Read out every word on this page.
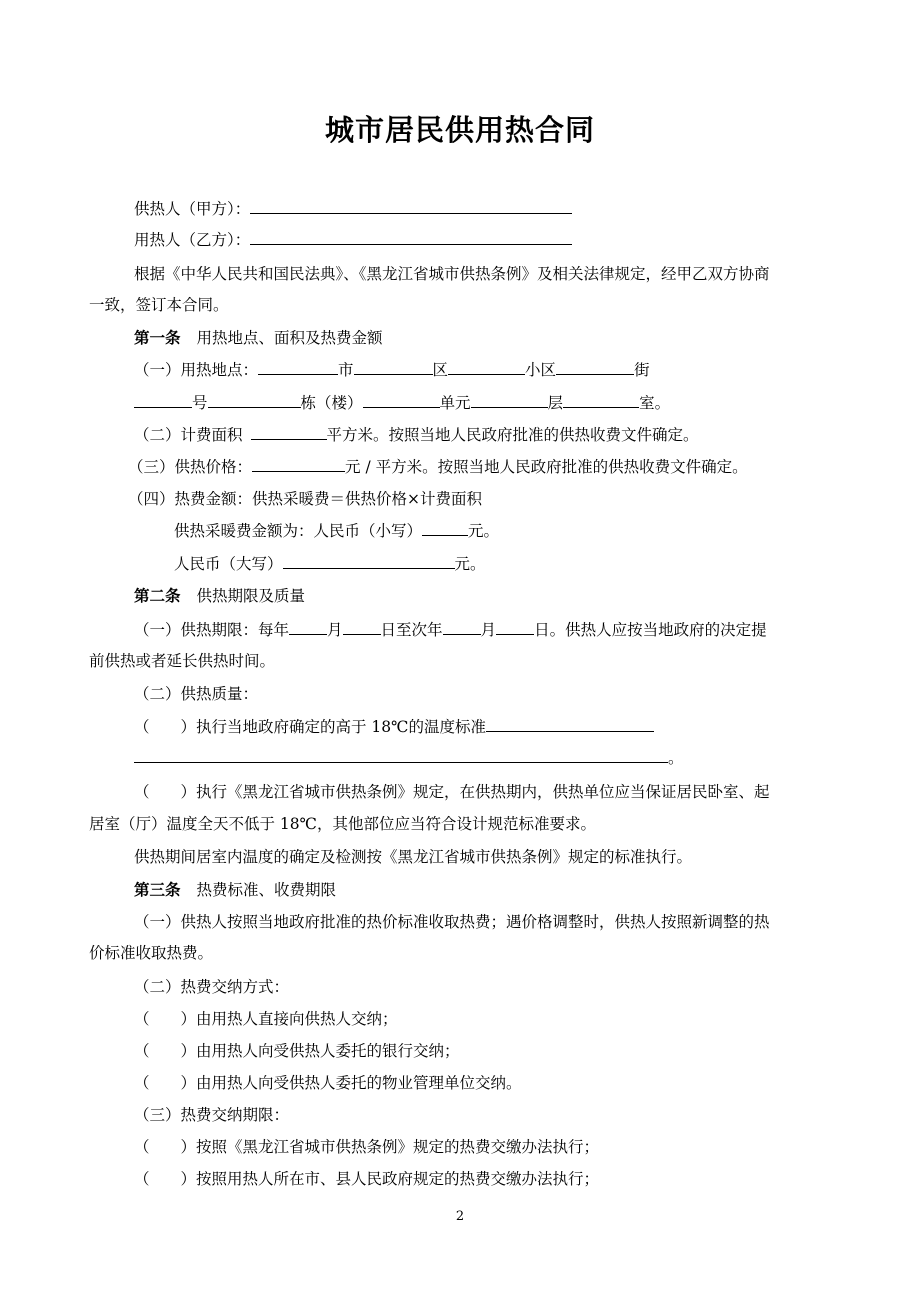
城市居民供用热合同
供热人（甲方）：
用热人（乙方）：
根据《中华人民共和国民法典》、《黑龙江省城市供热条例》及相关法律规定，经甲乙双方协商
一致，签订本合同。
第一条 用热地点、面积及热费金额
（一）用热地点：	市	区	小区	街
号	栋（楼）	单元	层	室。
（二）计费面积	平方米。按照当地人民政府批准的供热收费文件确定。
（三）供热价格：	元 / 平方米。按照当地人民政府批准的供热收费文件确定。
（四）热费金额：供热采暖费＝供热价格×计费面积
供热采暖费金额为：人民币（小写）	元。
人民币（大写）	元。
第二条 供热期限及质量
（一）供热期限：每年 月 日至次年 月 日。供热人应按当地政府的决定提
前供热或者延长供热时间。
（二）供热质量：
（　　）执行当地政府确定的高于 18℃的温度标准
。
（　　）执行《黑龙江省城市供热条例》规定，在供热期内，供热单位应当保证居民卧室、起
居室（厅）温度全天不低于 18℃，其他部位应当符合设计规范标准要求。
供热期间居室内温度的确定及检测按《黑龙江省城市供热条例》规定的标准执行。
第三条 热费标准、收费期限
（一）供热人按照当地政府批准的热价标准收取热费；遇价格调整时，供热人按照新调整的热
价标准收取热费。
（二）热费交纳方式：
（　　）由用热人直接向供热人交纳；
（　　）由用热人向受供热人委托的银行交纳；
（　　）由用热人向受供热人委托的物业管理单位交纳。
（三）热费交纳期限：
（　　）按照《黑龙江省城市供热条例》规定的热费交缴办法执行；
（　　）按照用热人所在市、县人民政府规定的热费交缴办法执行；
2
